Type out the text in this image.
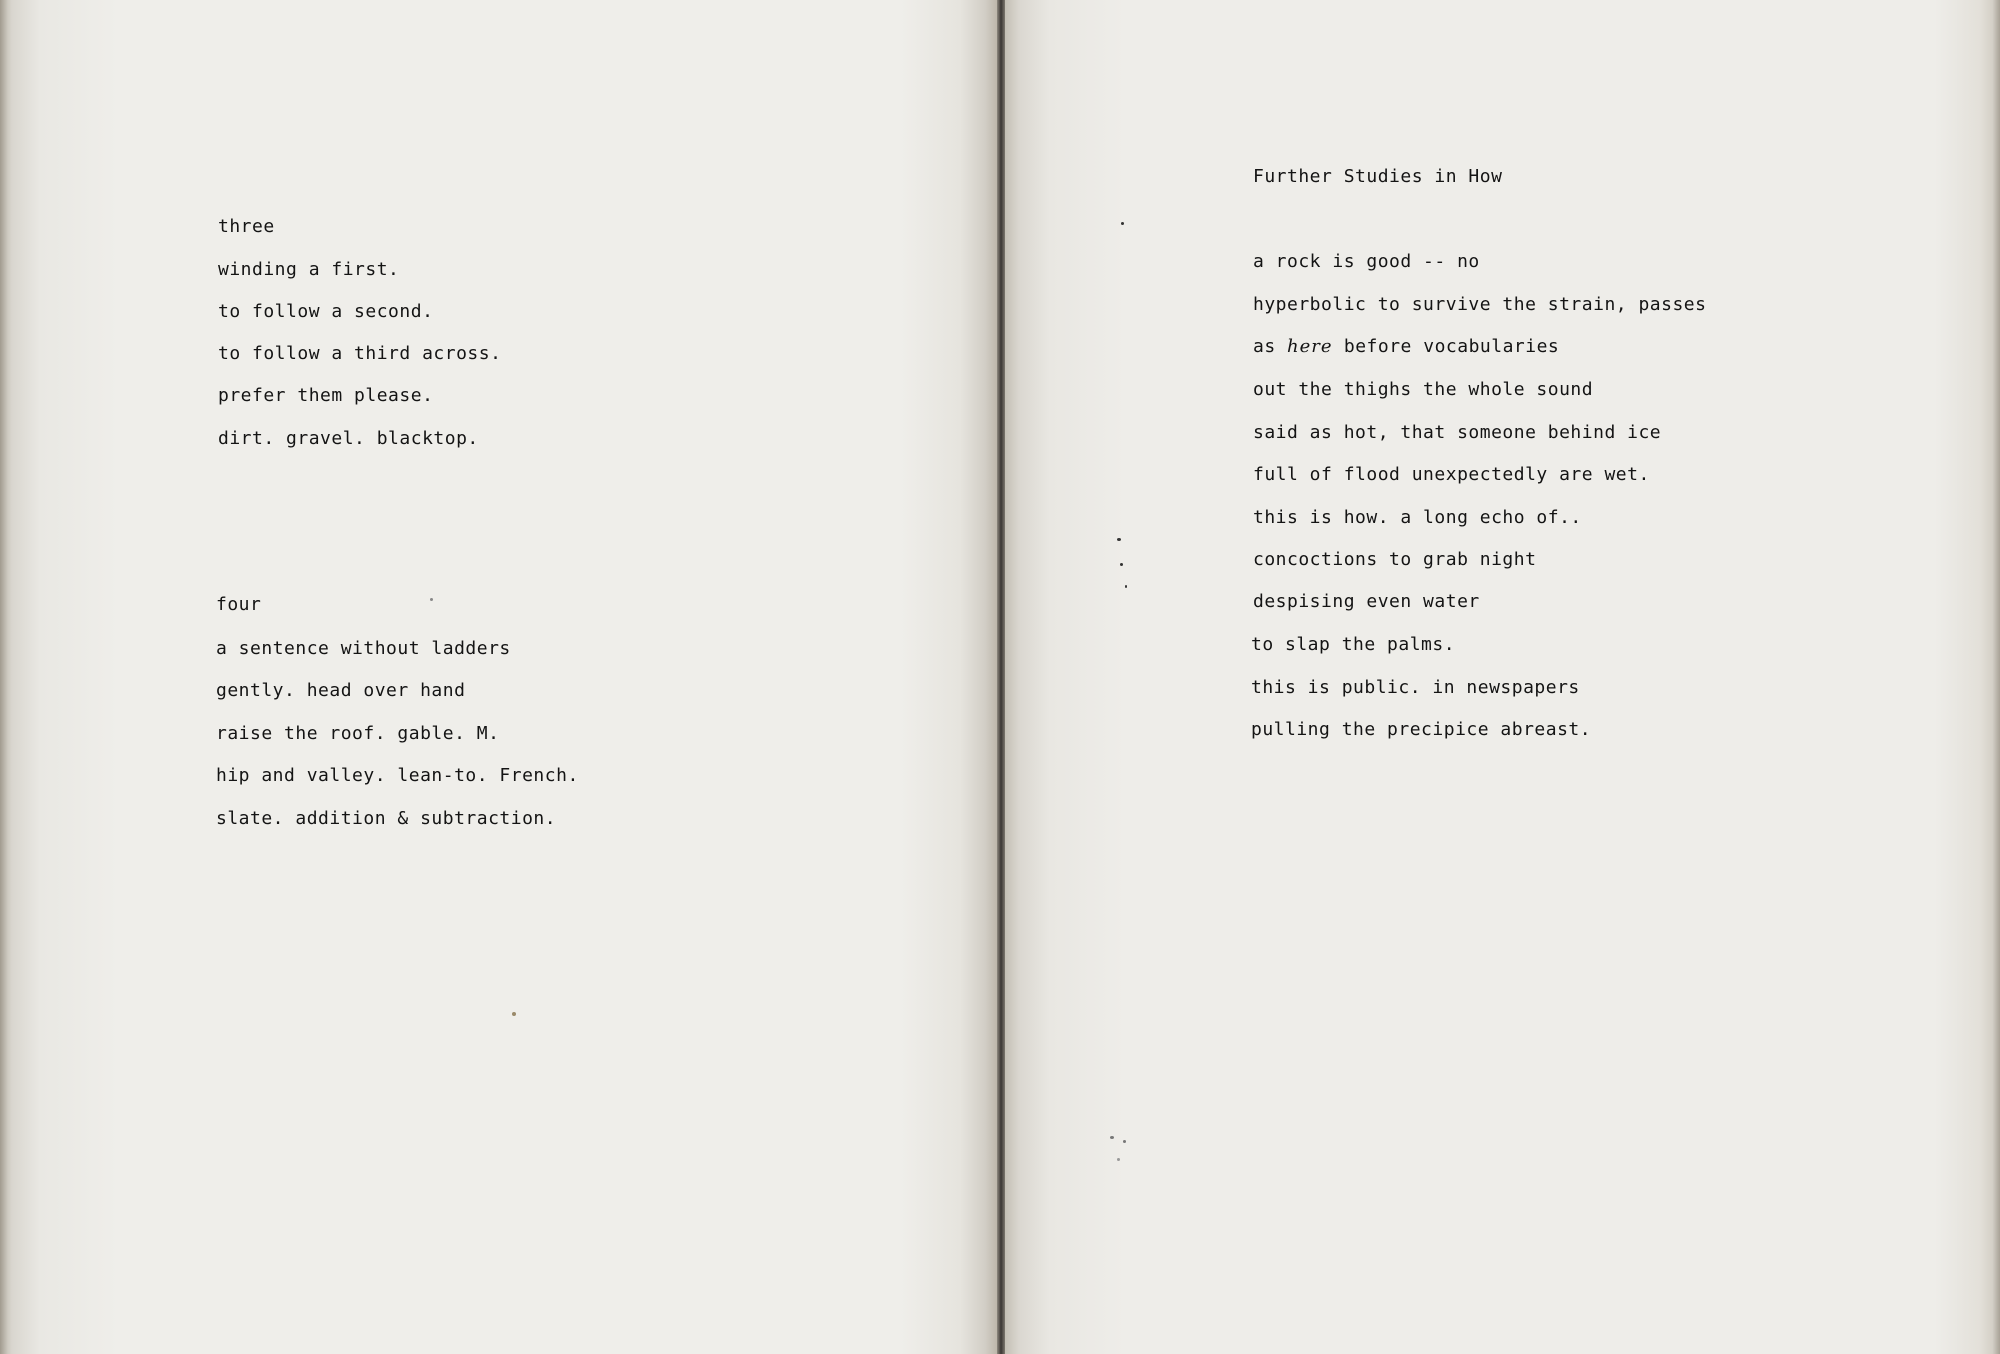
three
winding a first.
to follow a second.
to follow a third across.
prefer them please.
dirt. gravel. blacktop.
four
a sentence without ladders
gently. head over hand
raise the roof. gable. M.
hip and valley. lean-to. French.
slate. addition & subtraction.
Further Studies in How
a rock is good -- no
hyperbolic to survive the strain, passes
as here before vocabularies
out the thighs the whole sound
said as hot, that someone behind ice
full of flood unexpectedly are wet.
this is how. a long echo of..
concoctions to grab night
despising even water
to slap the palms.
this is public. in newspapers
pulling the precipice abreast.
